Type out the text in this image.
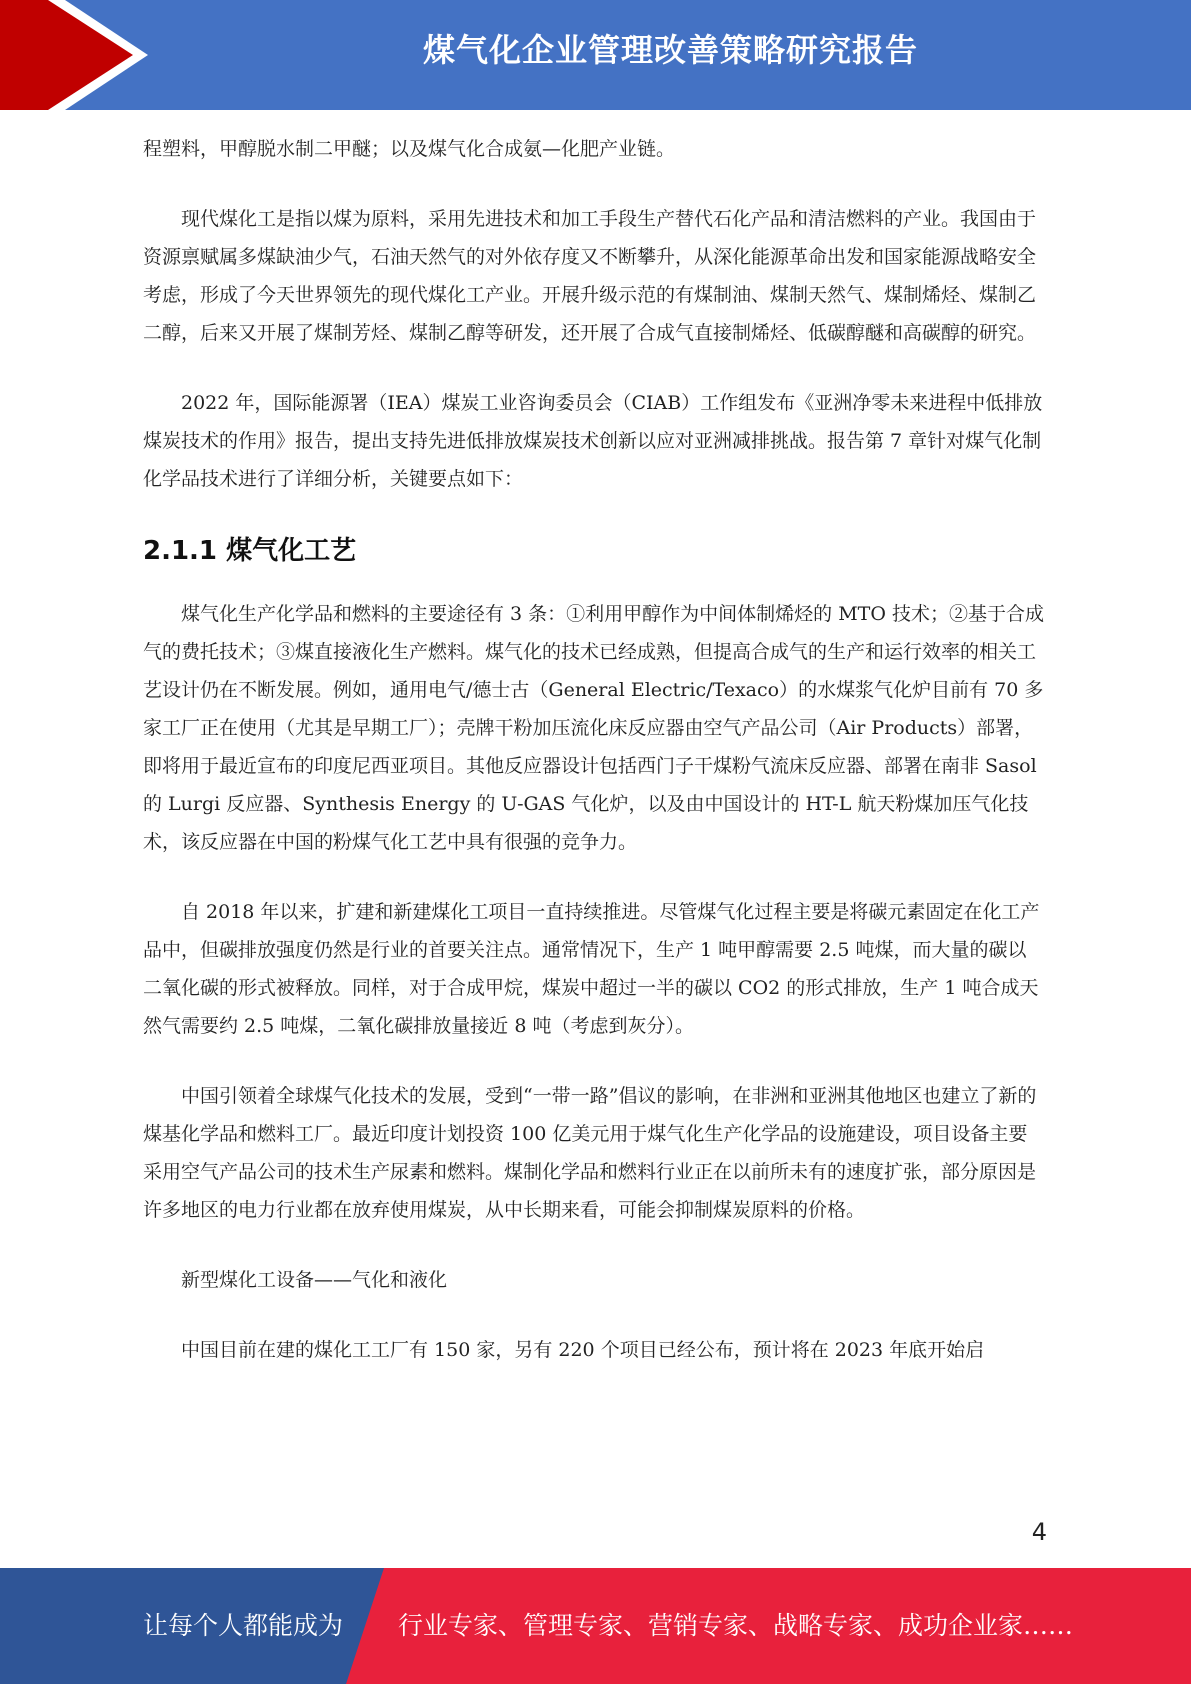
煤气化企业管理改善策略研究报告

程塑料，甲醇脱水制二甲醚；以及煤气化合成氨—化肥产业链。

现代煤化工是指以煤为原料，采用先进技术和加工手段生产替代石化产品和清洁燃料的产业。我国由于资源禀赋属多煤缺油少气，石油天然气的对外依存度又不断攀升，从深化能源革命出发和国家能源战略安全考虑，形成了今天世界领先的现代煤化工产业。开展升级示范的有煤制油、煤制天然气、煤制烯烃、煤制乙二醇，后来又开展了煤制芳烃、煤制乙醇等研发，还开展了合成气直接制烯烃、低碳醇醚和高碳醇的研究。

2022 年，国际能源署（IEA）煤炭工业咨询委员会（CIAB）工作组发布《亚洲净零未来进程中低排放煤炭技术的作用》报告，提出支持先进低排放煤炭技术创新以应对亚洲减排挑战。报告第 7 章针对煤气化制化学品技术进行了详细分析，关键要点如下：

2.1.1 煤气化工艺

煤气化生产化学品和燃料的主要途径有 3 条：①利用甲醇作为中间体制烯烃的 MTO 技术；②基于合成气的费托技术；③煤直接液化生产燃料。煤气化的技术已经成熟，但提高合成气的生产和运行效率的相关工艺设计仍在不断发展。例如，通用电气/德士古（General Electric/Texaco）的水煤浆气化炉目前有 70 多家工厂正在使用（尤其是早期工厂）；壳牌干粉加压流化床反应器由空气产品公司（Air Products）部署，即将用于最近宣布的印度尼西亚项目。其他反应器设计包括西门子干煤粉气流床反应器、部署在南非 Sasol 的 Lurgi 反应器、Synthesis Energy 的 U-GAS 气化炉，以及由中国设计的 HT-L 航天粉煤加压气化技术，该反应器在中国的粉煤气化工艺中具有很强的竞争力。

自 2018 年以来，扩建和新建煤化工项目一直持续推进。尽管煤气化过程主要是将碳元素固定在化工产品中，但碳排放强度仍然是行业的首要关注点。通常情况下，生产 1 吨甲醇需要 2.5 吨煤，而大量的碳以二氧化碳的形式被释放。同样，对于合成甲烷，煤炭中超过一半的碳以 CO2 的形式排放，生产 1 吨合成天然气需要约 2.5 吨煤，二氧化碳排放量接近 8 吨（考虑到灰分）。

中国引领着全球煤气化技术的发展，受到“一带一路”倡议的影响，在非洲和亚洲其他地区也建立了新的煤基化学品和燃料工厂。最近印度计划投资 100 亿美元用于煤气化生产化学品的设施建设，项目设备主要采用空气产品公司的技术生产尿素和燃料。煤制化学品和燃料行业正在以前所未有的速度扩张，部分原因是许多地区的电力行业都在放弃使用煤炭，从中长期来看，可能会抑制煤炭原料的价格。

新型煤化工设备——气化和液化

中国目前在建的煤化工工厂有 150 家，另有 220 个项目已经公布，预计将在 2023 年底开始启

4
让每个人都能成为 行业专家、管理专家、营销专家、战略专家、成功企业家……
